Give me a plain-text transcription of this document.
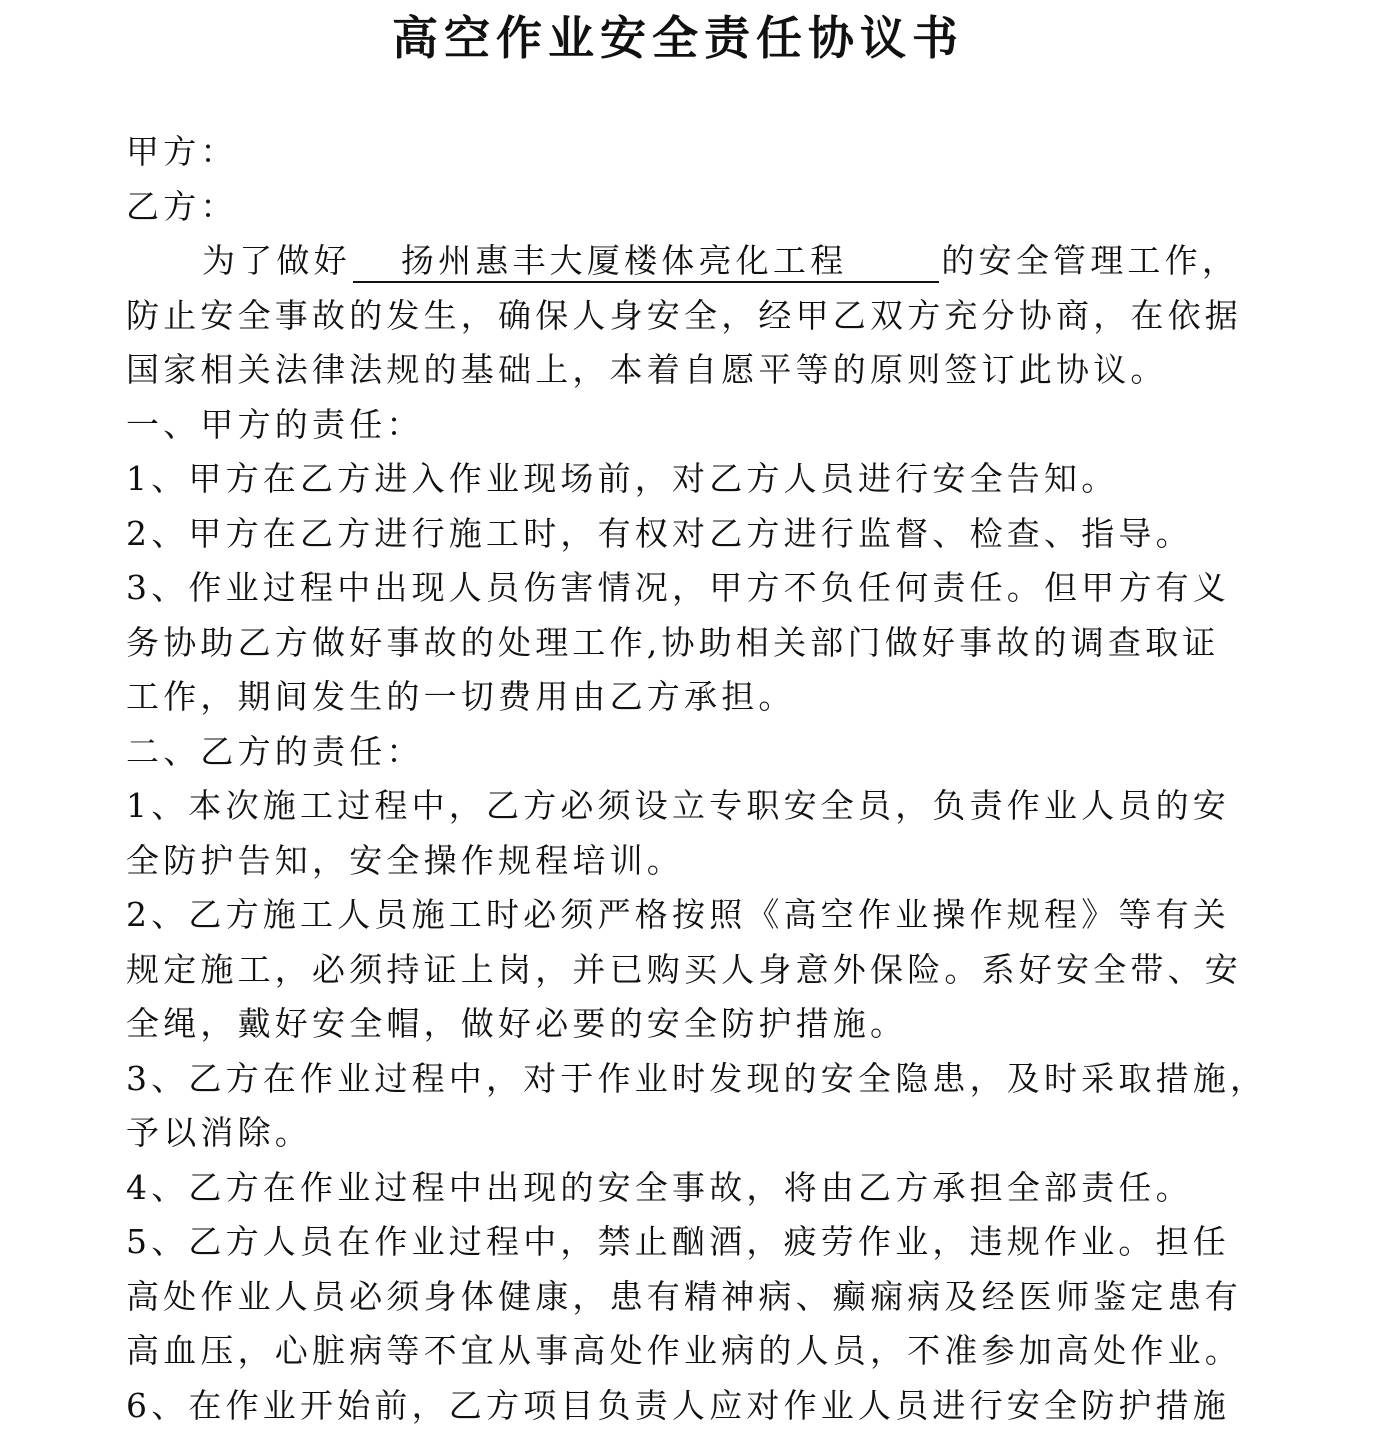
高空作业安全责任协议书
甲方：
乙方：
为了做好   扬州惠丰大厦楼体亮化工程      的安全管理工作，
防止安全事故的发生，确保人身安全，经甲乙双方充分协商，在依据
国家相关法律法规的基础上，本着自愿平等的原则签订此协议。
一、甲方的责任：
1、甲方在乙方进入作业现场前，对乙方人员进行安全告知。
2、甲方在乙方进行施工时，有权对乙方进行监督、检查、指导。
3、作业过程中出现人员伤害情况，甲方不负任何责任。但甲方有义
务协助乙方做好事故的处理工作,协助相关部门做好事故的调查取证
工作，期间发生的一切费用由乙方承担。
二、乙方的责任：
1、本次施工过程中，乙方必须设立专职安全员，负责作业人员的安
全防护告知，安全操作规程培训。
2、乙方施工人员施工时必须严格按照《高空作业操作规程》等有关
规定施工，必须持证上岗，并已购买人身意外保险。系好安全带、安
全绳，戴好安全帽，做好必要的安全防护措施。
3、乙方在作业过程中，对于作业时发现的安全隐患，及时采取措施，
予以消除。
4、乙方在作业过程中出现的安全事故，将由乙方承担全部责任。
5、乙方人员在作业过程中，禁止酗酒，疲劳作业，违规作业。担任
高处作业人员必须身体健康，患有精神病、癫痫病及经医师鉴定患有
高血压，心脏病等不宜从事高处作业病的人员，不准参加高处作业。
6、在作业开始前，乙方项目负责人应对作业人员进行安全防护措施
